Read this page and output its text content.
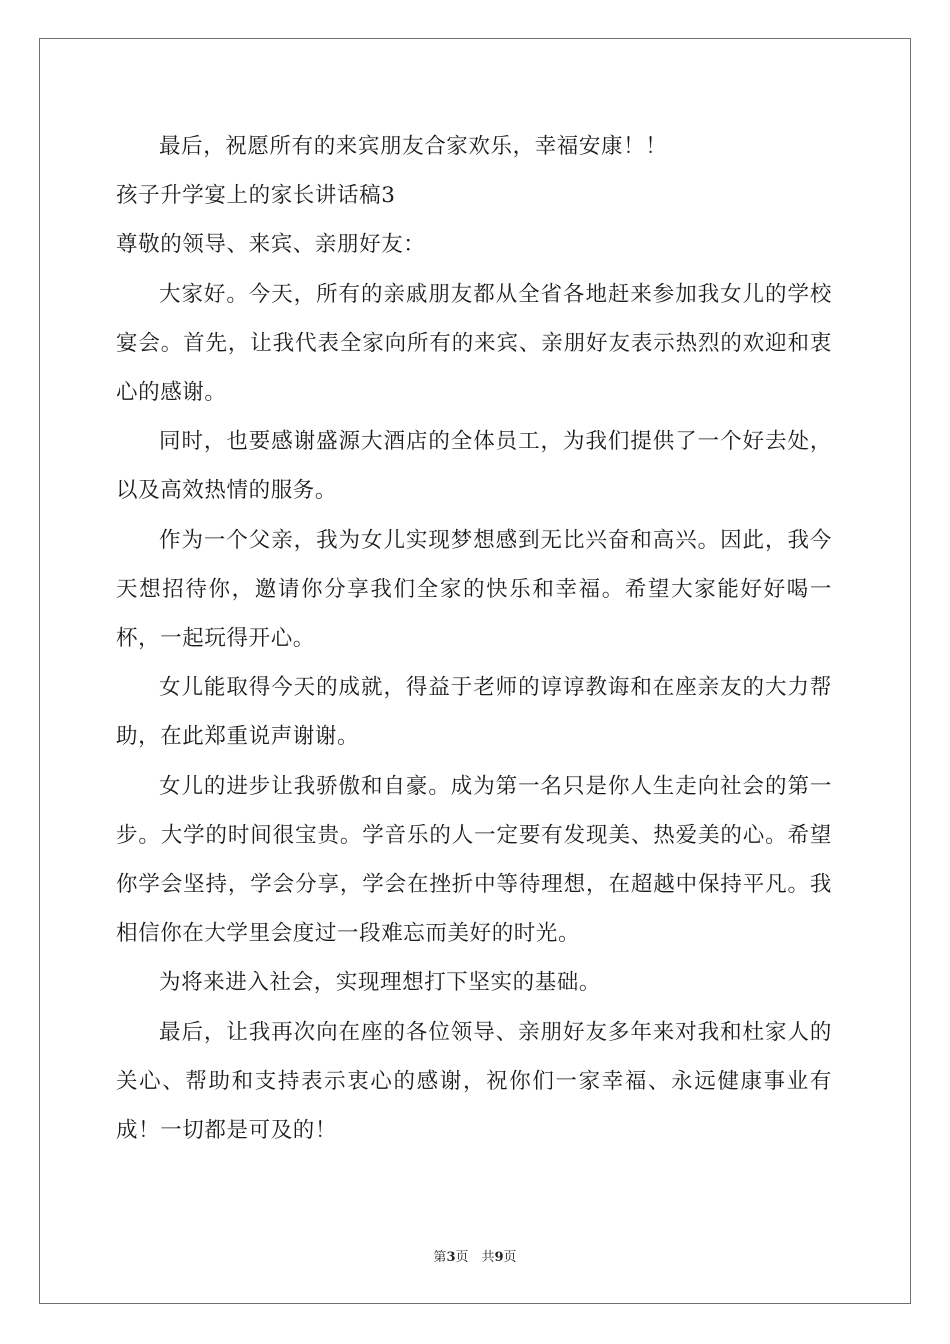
最后，祝愿所有的来宾朋友合家欢乐，幸福安康！！

孩子升学宴上的家长讲话稿3

尊敬的领导、来宾、亲朋好友：

大家好。今天，所有的亲戚朋友都从全省各地赶来参加我女儿的学校宴会。首先，让我代表全家向所有的来宾、亲朋好友表示热烈的欢迎和衷心的感谢。

同时，也要感谢盛源大酒店的全体员工，为我们提供了一个好去处，以及高效热情的服务。

作为一个父亲，我为女儿实现梦想感到无比兴奋和高兴。因此，我今天想招待你，邀请你分享我们全家的快乐和幸福。希望大家能好好喝一杯，一起玩得开心。

女儿能取得今天的成就，得益于老师的谆谆教诲和在座亲友的大力帮助，在此郑重说声谢谢。

女儿的进步让我骄傲和自豪。成为第一名只是你人生走向社会的第一步。大学的时间很宝贵。学音乐的人一定要有发现美、热爱美的心。希望你学会坚持，学会分享，学会在挫折中等待理想，在超越中保持平凡。我相信你在大学里会度过一段难忘而美好的时光。

为将来进入社会，实现理想打下坚实的基础。

最后，让我再次向在座的各位领导、亲朋好友多年来对我和杜家人的关心、帮助和支持表示衷心的感谢，祝你们一家幸福、永远健康事业有成！一切都是可及的！

第3页　共9页
